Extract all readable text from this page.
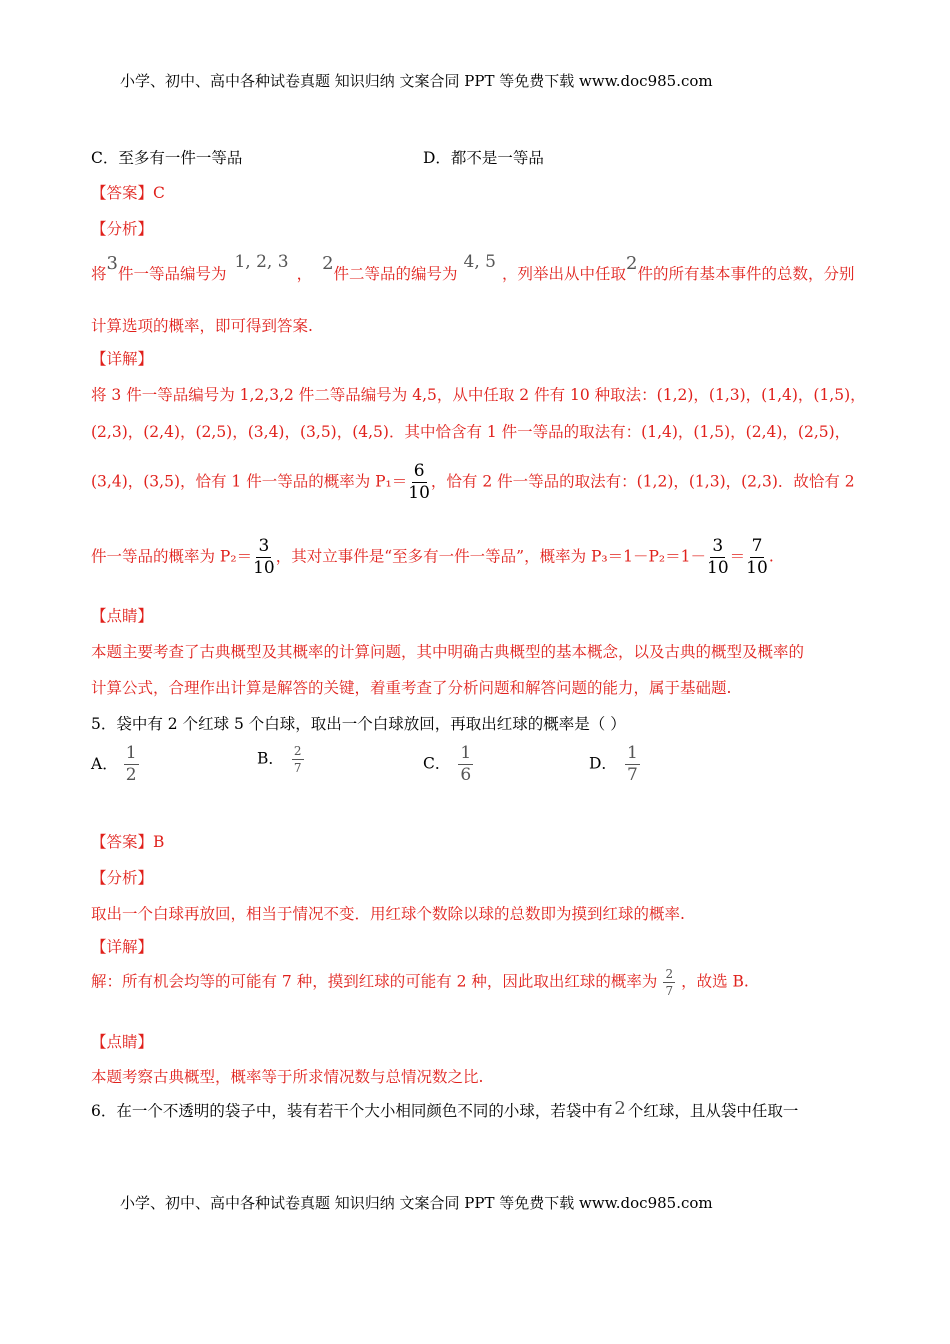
小学、初中、高中各种试卷真题 知识归纳 文案合同 PPT 等免费下载 www.doc985.com
C．至多有一件一等品	D．都不是一等品
【答案】C
【分析】
将3件一等品编号为1, 2, 3， 2件二等品的编号为4, 5，列举出从中任取2件的所有基本事件的总数，分别
计算选项的概率，即可得到答案.
【详解】
将 3 件一等品编号为 1,2,3,2 件二等品编号为 4,5，从中任取 2 件有 10 种取法：(1,2)，(1,3)，(1,4)，(1,5)，
(2,3)，(2,4)，(2,5)，(3,4)，(3,5)，(4,5)．其中恰含有 1 件一等品的取法有：(1,4)，(1,5)，(2,4)，(2,5)，
(3,4)，(3,5)，恰有 1 件一等品的概率为 $P_1= \frac{6}{10}$ ，恰有 2 件一等品的取法有：(1,2)，(1,3)，(2,3)．故恰有 2
件一等品的概率为 $P_2= \frac{3}{10}$ ，其对立事件是“至多有一件一等品”，概率为 $P_3=1-P_2=1- \frac{3}{10} = \frac{7}{10}$ .
【点睛】
本题主要考查了古典概型及其概率的计算问题，其中明确古典概型的基本概念，以及古典的概型及概率的
计算公式，合理作出计算是解答的关键，着重考查了分析问题和解答问题的能力，属于基础题.
5．袋中有 2 个红球 5 个白球，取出一个白球放回，再取出红球的概率是（ ）
A． $\frac{1}{2}$	B． $\frac{2}{7}$	C． $\frac{1}{6}$	D． $\frac{1}{7}$
【答案】B
【分析】
取出一个白球再放回，相当于情况不变．用红球个数除以球的总数即为摸到红球的概率.
【详解】
解：所有机会均等的可能有 7 种，摸到红球的可能有 2 种，因此取出红球的概率为 $\frac{2}{7}$ ，故选 B.
【点睛】
本题考察古典概型，概率等于所求情况数与总情况数之比.
6．在一个不透明的袋子中，装有若干个大小相同颜色不同的小球，若袋中有 2 个红球，且从袋中任取一
小学、初中、高中各种试卷真题 知识归纳 文案合同 PPT 等免费下载 www.doc985.com
